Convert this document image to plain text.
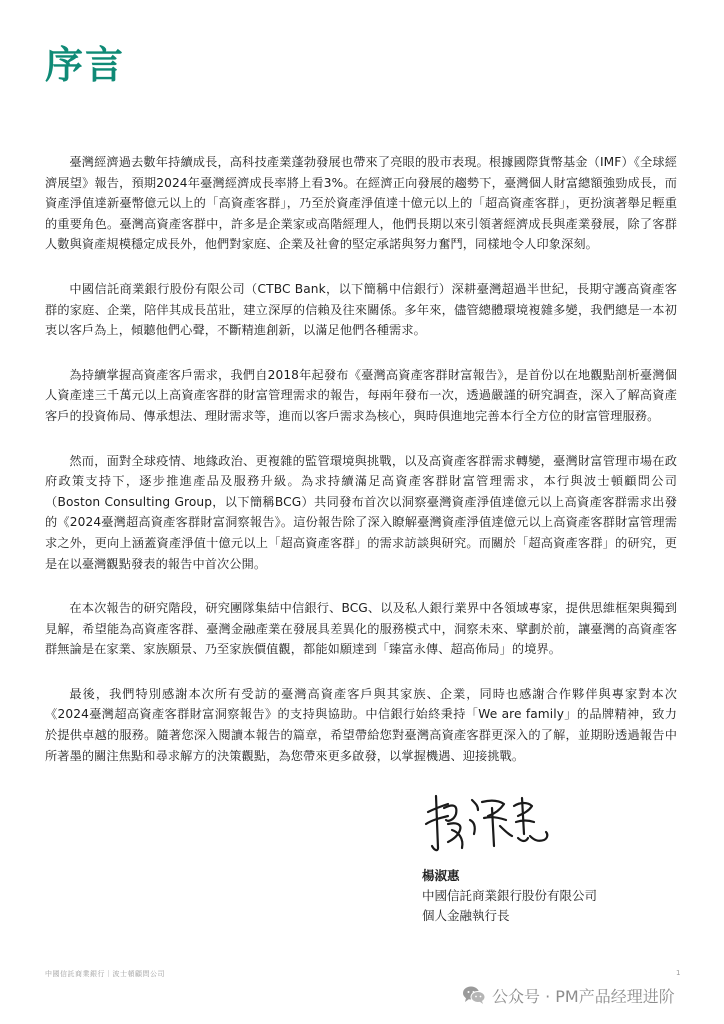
序言

臺灣經濟過去數年持續成長，高科技產業蓬勃發展也帶來了亮眼的股市表現。根據國際貨幣基金（IMF）《全球經濟展望》報告，預期2024年臺灣經濟成長率將上看3%。在經濟正向發展的趨勢下，臺灣個人財富總額強勁成長，而資產淨值達新臺幣億元以上的「高資產客群」，乃至於資產淨值達十億元以上的「超高資產客群」，更扮演著舉足輕重的重要角色。臺灣高資產客群中，許多是企業家或高階經理人，他們長期以來引領著經濟成長與產業發展，除了客群人數與資產規模穩定成長外，他們對家庭、企業及社會的堅定承諾與努力奮鬥，同樣地令人印象深刻。

中國信託商業銀行股份有限公司（CTBC Bank，以下簡稱中信銀行）深耕臺灣超過半世紀，長期守護高資產客群的家庭、企業，陪伴其成長茁壯，建立深厚的信賴及往來關係。多年來，儘管總體環境複雜多變，我們總是一本初衷以客戶為上，傾聽他們心聲，不斷精進創新，以滿足他們各種需求。

為持續掌握高資產客戶需求，我們自2018年起發布《臺灣高資產客群財富報告》，是首份以在地觀點剖析臺灣個人資產達三千萬元以上高資產客群的財富管理需求的報告，每兩年發布一次，透過嚴謹的研究調查，深入了解高資產客戶的投資佈局、傳承想法、理財需求等，進而以客戶需求為核心，與時俱進地完善本行全方位的財富管理服務。

然而，面對全球疫情、地緣政治、更複雜的監管環境與挑戰，以及高資產客群需求轉變，臺灣財富管理市場在政府政策支持下，逐步推進產品及服務升級。為求持續滿足高資產客群財富管理需求，本行與波士頓顧問公司（Boston Consulting Group，以下簡稱BCG）共同發布首次以洞察臺灣資產淨值達億元以上高資產客群需求出發的《2024臺灣超高資產客群財富洞察報告》。這份報告除了深入瞭解臺灣資產淨值達億元以上高資產客群財富管理需求之外，更向上涵蓋資產淨值十億元以上「超高資產客群」的需求訪談與研究。而關於「超高資產客群」的研究，更是在以臺灣觀點發表的報告中首次公開。

在本次報告的研究階段，研究團隊集結中信銀行、BCG、以及私人銀行業界中各領域專家，提供思維框架與獨到見解，希望能為高資產客群、臺灣金融產業在發展具差異化的服務模式中，洞察未來、擘劃於前，讓臺灣的高資產客群無論是在家業、家族願景、乃至家族價值觀，都能如願達到「臻富永傳、超高佈局」的境界。

最後，我們特別感謝本次所有受訪的臺灣高資產客戶與其家族、企業，同時也感謝合作夥伴與專家對本次《2024臺灣超高資產客群財富洞察報告》的支持與協助。中信銀行始終秉持「We are family」的品牌精神，致力於提供卓越的服務。隨著您深入閱讀本報告的篇章，希望帶給您對臺灣高資產客群更深入的了解，並期盼透過報告中所著墨的關注焦點和尋求解方的決策觀點，為您帶來更多啟發，以掌握機遇、迎接挑戰。

楊淑惠
中國信託商業銀行股份有限公司
個人金融執行長
中國信託商業銀行｜波士頓顧問公司	1
公众号 · PM产品经理进阶
